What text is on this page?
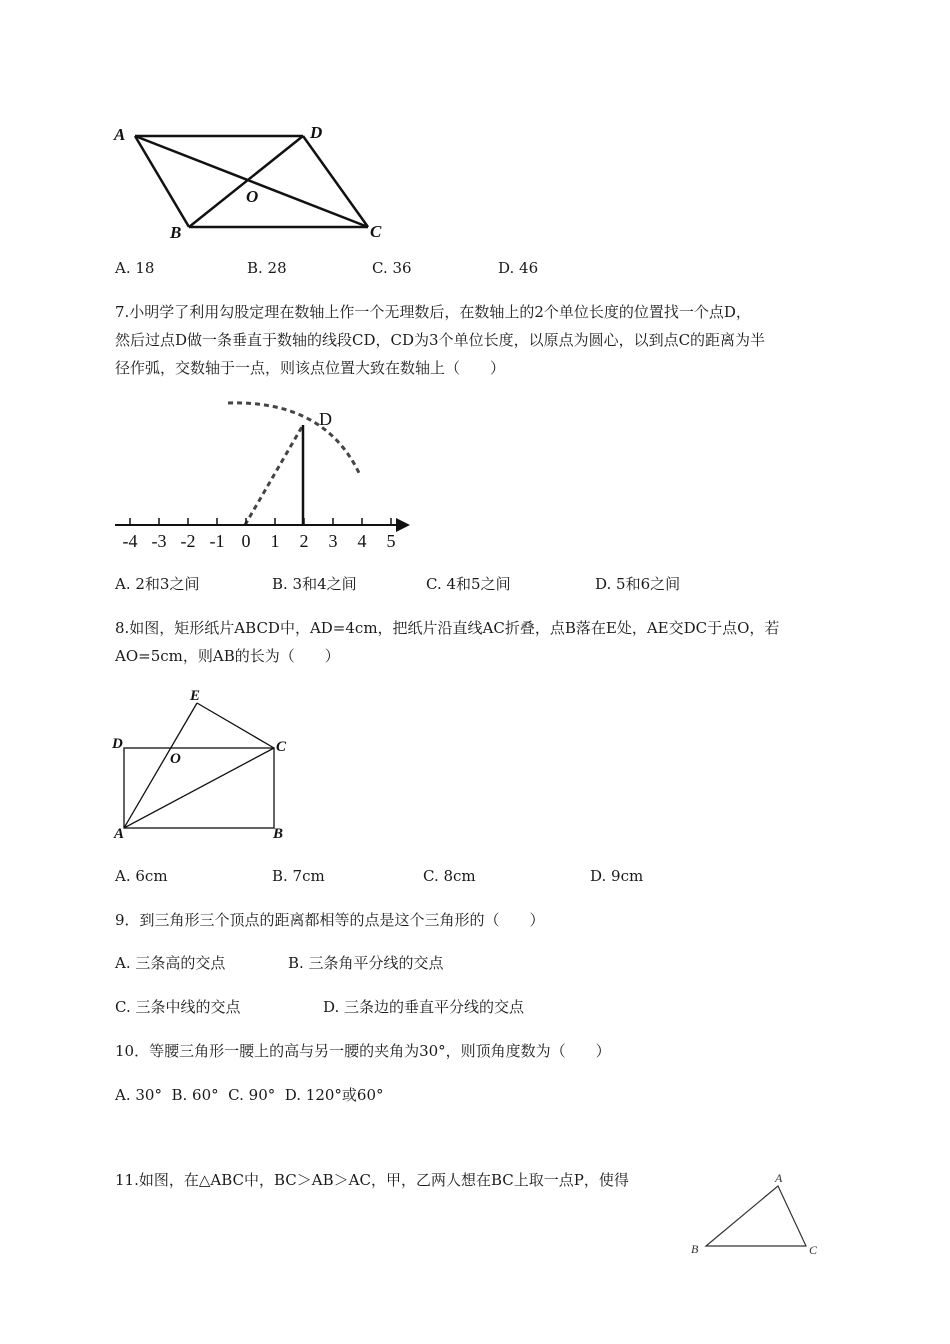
A	D
O
B	C
A. 18	B. 28	C. 36	D. 46
7.小明学了利用勾股定理在数轴上作一个无理数后，在数轴上的2个单位长度的位置找一个点D，
然后过点D做一条垂直于数轴的线段CD，CD为3个单位长度，以原点为圆心，以到点C的距离为半
径作弧，交数轴于一点，则该点位置大致在数轴上（　　）
-4 -3 -2 -1 0 1 2 3 4 5
D
A. 2和3之间	B. 3和4之间	C. 4和5之间	D. 5和6之间
8.如图，矩形纸片ABCD中，AD=4cm，把纸片沿直线AC折叠，点B落在E处，AE交DC于点O，若
AO=5cm，则AB的长为（　　）
E
D
O
C
A	B
A. 6cm	B. 7cm	C. 8cm	D. 9cm
9．到三角形三个顶点的距离都相等的点是这个三角形的（　　）
A. 三条高的交点	B. 三条角平分线的交点
C. 三条中线的交点	D. 三条边的垂直平分线的交点
10．等腰三角形一腰上的高与另一腰的夹角为30°，则顶角度数为（　　）
A. 30°  B. 60°  C. 90°  D. 120°或60°
11.如图，在△ABC中，BC＞AB＞AC，甲，乙两人想在BC上取一点P，使得	A
B	C
